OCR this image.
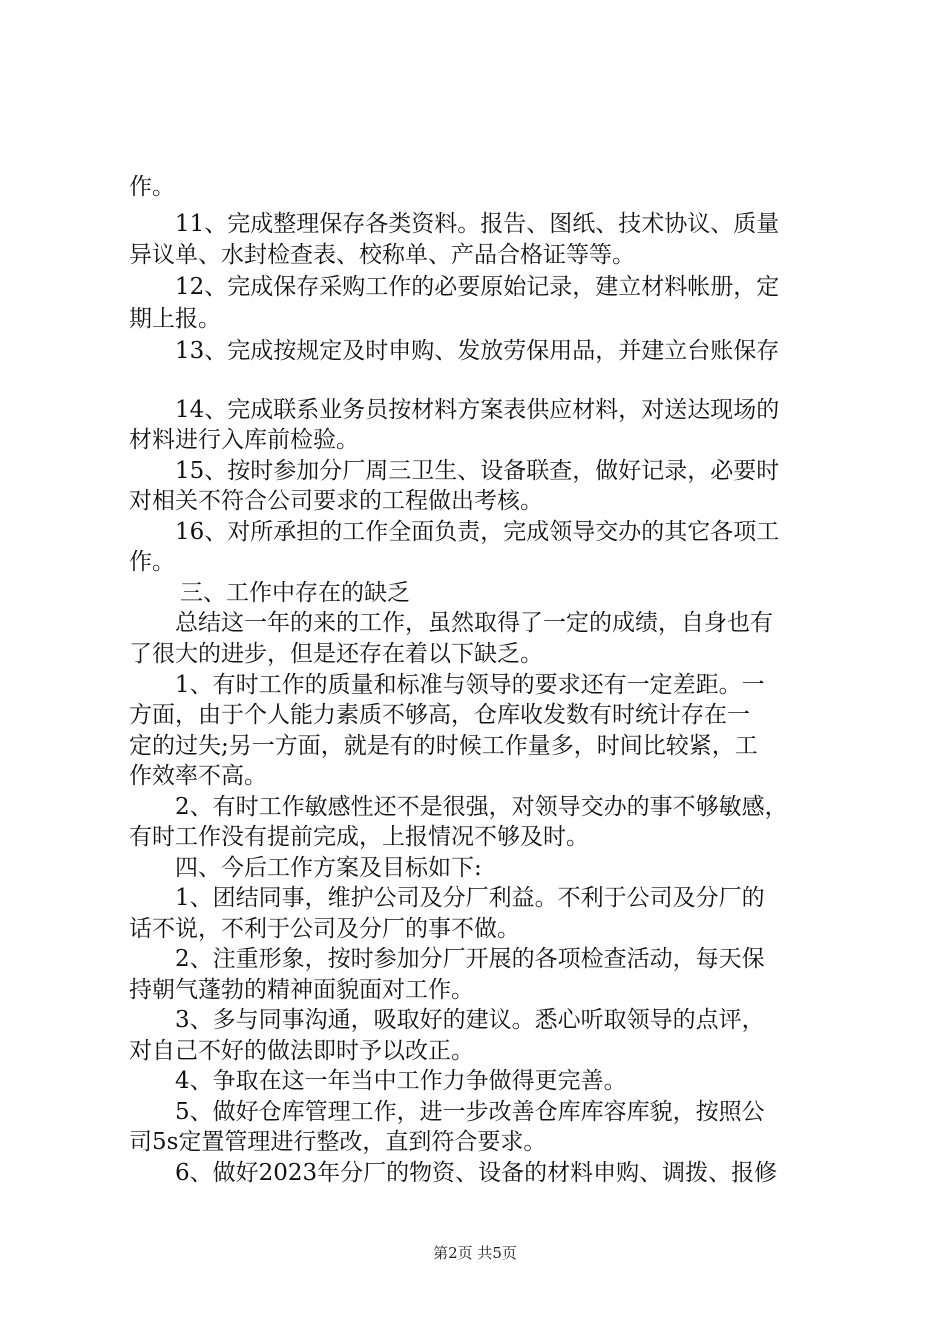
作。
11、完成整理保存各类资料。报告、图纸、技术协议、质量
异议单、水封检查表、校称单、产品合格证等等。
12、完成保存采购工作的必要原始记录，建立材料帐册，定
期上报。
13、完成按规定及时申购、发放劳保用品，并建立台账保存
14、完成联系业务员按材料方案表供应材料，对送达现场的
材料进行入库前检验。
15、按时参加分厂周三卫生、设备联查，做好记录，必要时
对相关不符合公司要求的工程做出考核。
16、对所承担的工作全面负责，完成领导交办的其它各项工
作。
三、工作中存在的缺乏
总结这一年的来的工作，虽然取得了一定的成绩，自身也有
了很大的进步，但是还存在着以下缺乏。
1、有时工作的质量和标准与领导的要求还有一定差距。一
方面，由于个人能力素质不够高，仓库收发数有时统计存在一
定的过失;另一方面，就是有的时候工作量多，时间比较紧，工
作效率不高。
2、有时工作敏感性还不是很强，对领导交办的事不够敏感，
有时工作没有提前完成，上报情况不够及时。
四、今后工作方案及目标如下:
1、团结同事，维护公司及分厂利益。不利于公司及分厂的
话不说，不利于公司及分厂的事不做。
2、注重形象，按时参加分厂开展的各项检查活动，每天保
持朝气蓬勃的精神面貌面对工作。
3、多与同事沟通，吸取好的建议。悉心听取领导的点评，
对自己不好的做法即时予以改正。
4、争取在这一年当中工作力争做得更完善。
5、做好仓库管理工作，进一步改善仓库库容库貌，按照公
司5s定置管理进行整改，直到符合要求。
6、做好2023年分厂的物资、设备的材料申购、调拨、报修
第2页 共5页
